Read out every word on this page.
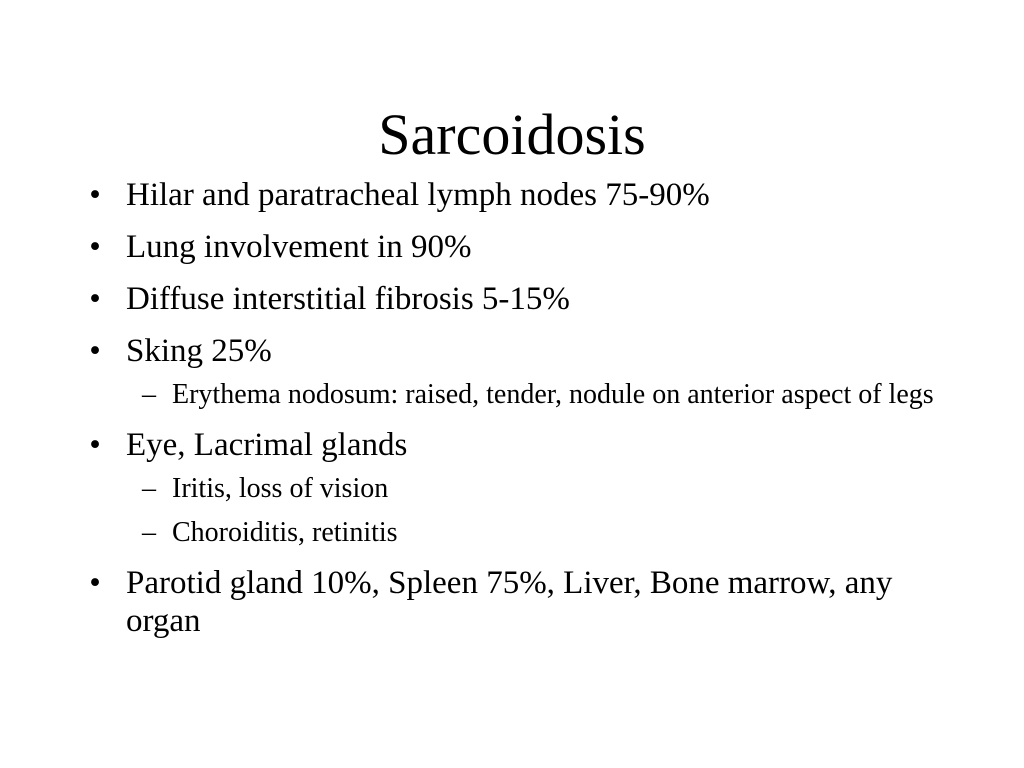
Sarcoidosis
• Hilar and paratracheal lymph nodes 75-90%
• Lung involvement in 90%
• Diffuse interstitial fibrosis 5-15%
• Sking 25%
– Erythema nodosum: raised, tender, nodule on anterior aspect of legs
• Eye, Lacrimal glands
– Iritis, loss of vision
– Choroiditis, retinitis
• Parotid gland 10%, Spleen 75%, Liver, Bone marrow, any organ
